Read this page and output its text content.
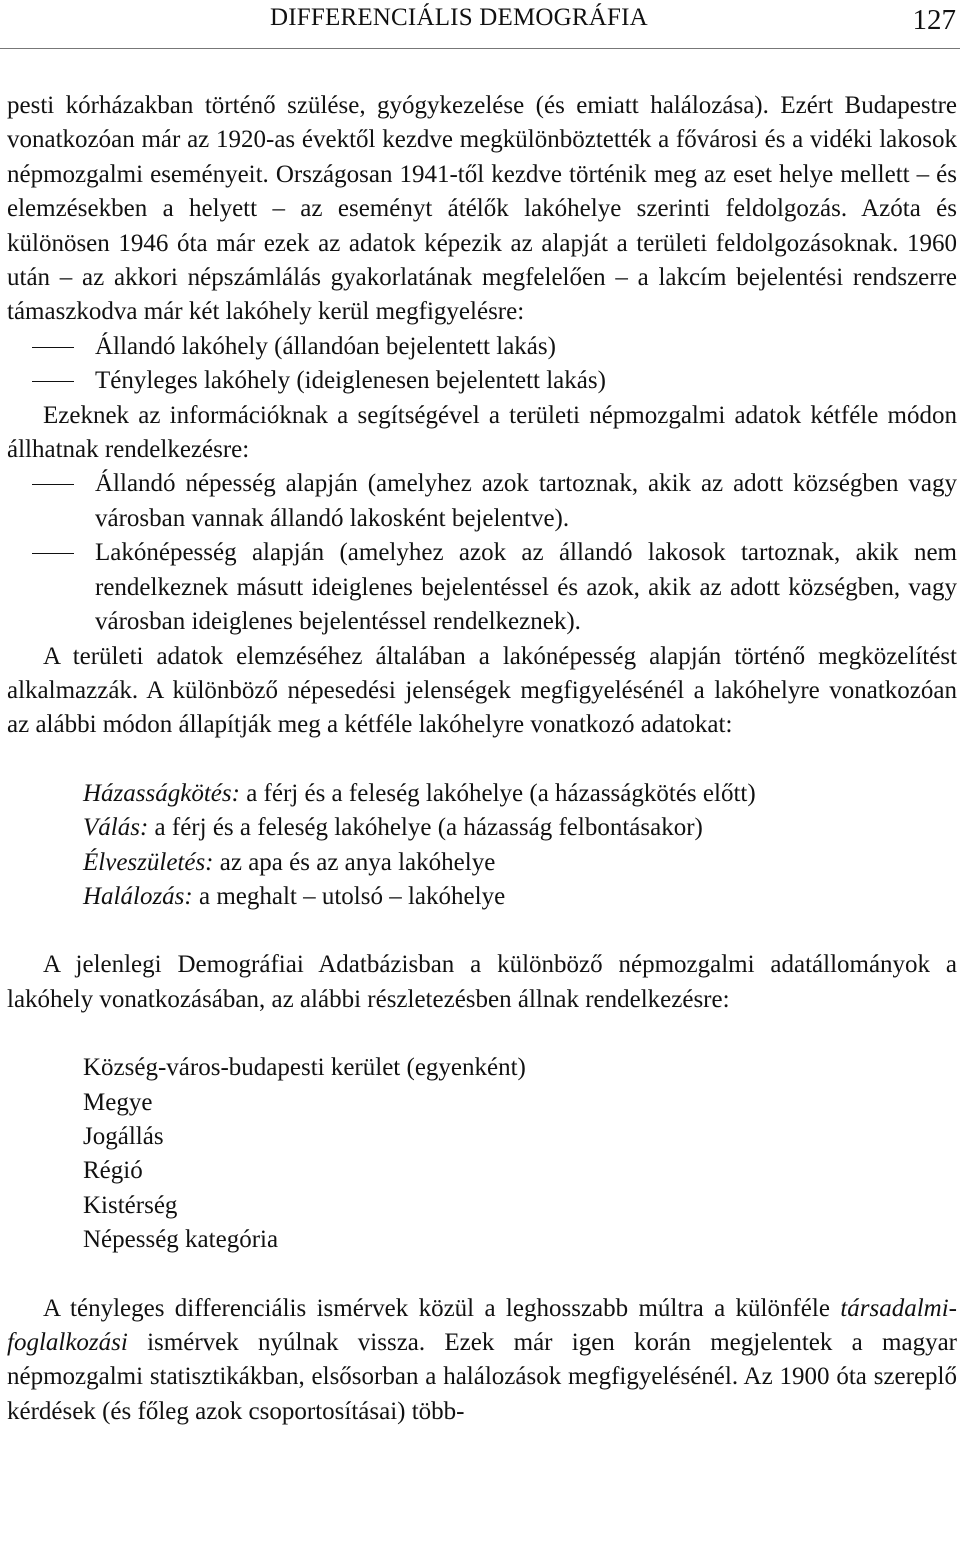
DIFFERENCIÁLIS DEMOGRÁFIA	127

pesti kórházakban történő szülése, gyógykezelése (és emiatt halálozása). Ezért Budapestre vonatkozóan már az 1920-as évektől kezdve megkülönböztették a fővárosi és a vidéki lakosok népmozgalmi eseményeit. Országosan 1941-től kezdve történik meg az eset helye mellett – és elemzésekben a helyett – az eseményt átélők lakóhelye szerinti feldolgozás. Azóta és különösen 1946 óta már ezek az adatok képezik az alapját a területi feldolgozásoknak. 1960 után – az akkori népszámlálás gyakorlatának megfelelően – a lakcím bejelentési rendszerre támaszkodva már két lakóhely kerül megfigyelésre:

Állandó lakóhely (állandóan bejelentett lakás)
Tényleges lakóhely (ideiglenesen bejelentett lakás)

Ezeknek az információknak a segítségével a területi népmozgalmi adatok kétféle módon állhatnak rendelkezésre:

Állandó népesség alapján (amelyhez azok tartoznak, akik az adott községben vagy városban vannak állandó lakosként bejelentve).
Lakónépesség alapján (amelyhez azok az állandó lakosok tartoznak, akik nem rendelkeznek másutt ideiglenes bejelentéssel és azok, akik az adott községben, vagy városban ideiglenes bejelentéssel rendelkeznek).

A területi adatok elemzéséhez általában a lakónépesség alapján történő megközelítést alkalmazzák. A különböző népesedési jelenségek megfigyelésénél a lakóhelyre vonatkozóan az alábbi módon állapítják meg a kétféle lakóhelyre vonatkozó adatokat:

Házasságkötés: a férj és a feleség lakóhelye (a házasságkötés előtt)
Válás: a férj és a feleség lakóhelye (a házasság felbontásakor)
Élveszületés: az apa és az anya lakóhelye
Halálozás: a meghalt – utolsó – lakóhelye

A jelenlegi Demográfiai Adatbázisban a különböző népmozgalmi adatállományok a lakóhely vonatkozásában, az alábbi részletezésben állnak rendelkezésre:

Község-város-budapesti kerület (egyenként)
Megye
Jogállás
Régió
Kistérség
Népesség kategória

A tényleges differenciális ismérvek közül a leghosszabb múltra a különféle társadalmi-foglalkozási ismérvek nyúlnak vissza. Ezek már igen korán megjelentek a magyar népmozgalmi statisztikákban, elsősorban a halálozások megfigyelésénél. Az 1900 óta szereplő kérdések (és főleg azok csoportosításai) több-
